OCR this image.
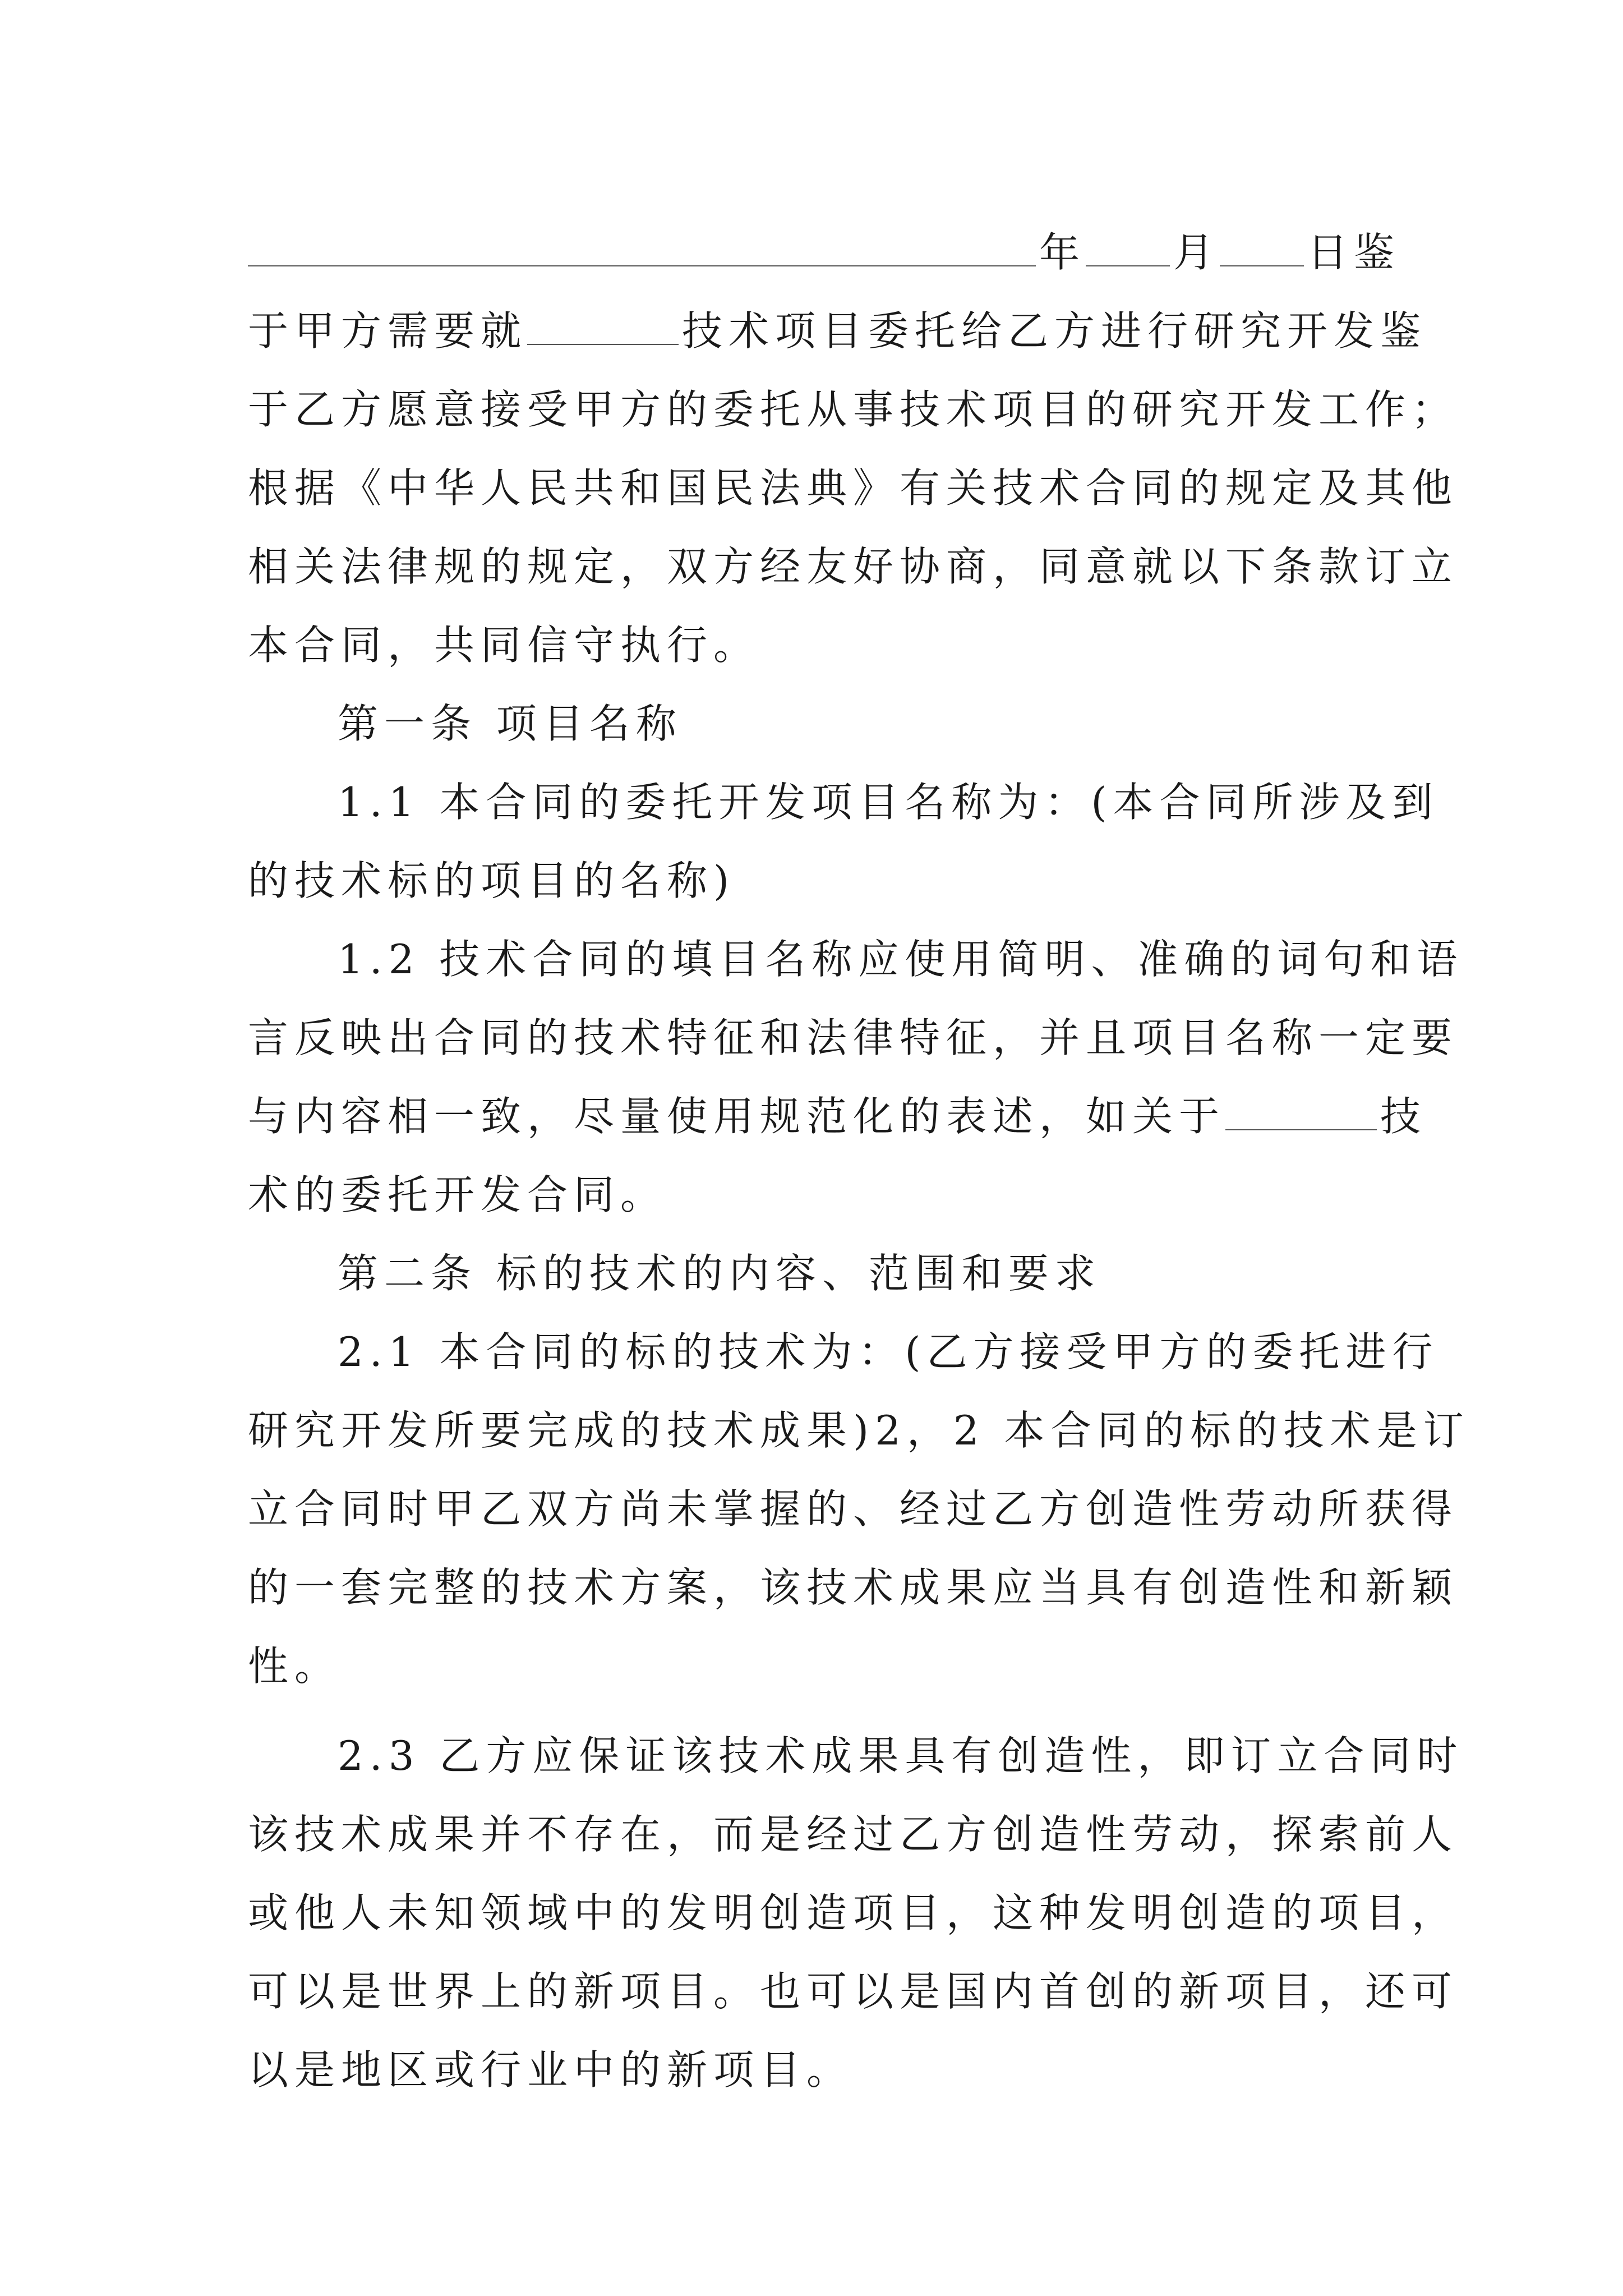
年 月 日鉴
于甲方需要就	技术项目委托给乙方进行研究开发鉴
于乙方愿意接受甲方的委托从事技术项目的研究开发工作；
根据《中华人民共和国民法典》有关技术合同的规定及其他
相关法律规的规定，双方经友好协商，同意就以下条款订立
本合同，共同信守执行。
第一条 项目名称
1.1 本合同的委托开发项目名称为：(本合同所涉及到
的技术标的项目的名称)
1.2 技术合同的填目名称应使用简明、准确的词句和语
言反映出合同的技术特征和法律特征，并且项目名称一定要
与内容相一致，尽量使用规范化的表述，如关于	技
术的委托开发合同。
第二条 标的技术的内容、范围和要求
2.1 本合同的标的技术为：(乙方接受甲方的委托进行
研究开发所要完成的技术成果)2，2 本合同的标的技术是订
立合同时甲乙双方尚未掌握的、经过乙方创造性劳动所获得
的一套完整的技术方案，该技术成果应当具有创造性和新颖
性。
2.3 乙方应保证该技术成果具有创造性，即订立合同时
该技术成果并不存在，而是经过乙方创造性劳动，探索前人
或他人未知领域中的发明创造项目，这种发明创造的项目，
可以是世界上的新项目。也可以是国内首创的新项目，还可
以是地区或行业中的新项目。
